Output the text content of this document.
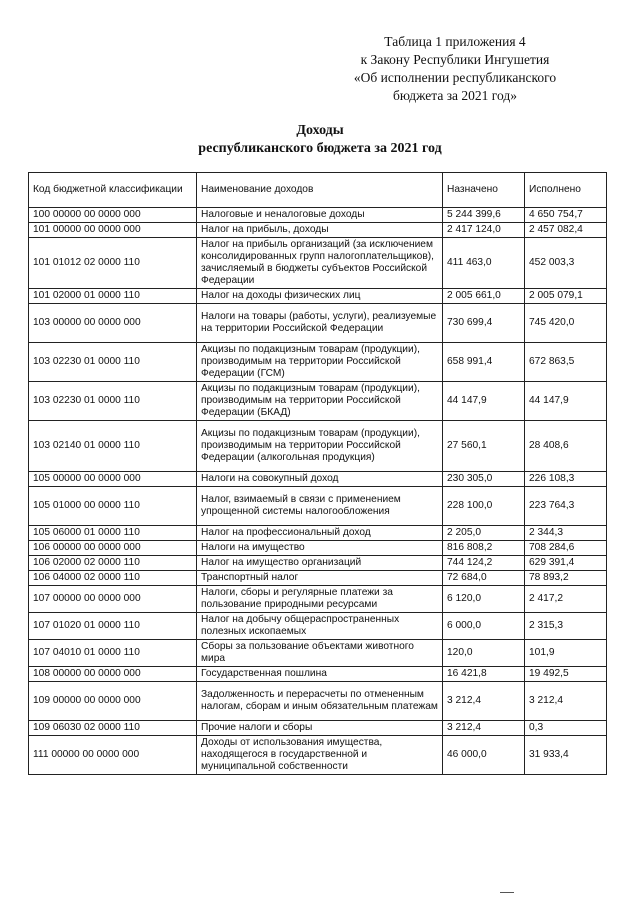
Таблица 1 приложения 4
к Закону Республики Ингушетия
«Об исполнении республиканского
бюджета за 2021 год»
Доходы
республиканского бюджета за 2021 год
Код бюджетной классификации	Наименование доходов	Назначено	Исполнено
100 00000 00 0000 000	Налоговые и неналоговые доходы	5 244 399,6	4 650 754,7
101 00000 00 0000 000	Налог на прибыль, доходы	2 417 124,0	2 457 082,4
101 01012 02 0000 110	Налог на прибыль организаций (за исключением консолидированных групп налогоплательщиков), зачисляемый в бюджеты субъектов Российской Федерации	411 463,0	452 003,3
101 02000 01 0000 110	Налог на доходы физических лиц	2 005 661,0	2 005 079,1
103 00000 00 0000 000	Налоги на товары (работы, услуги), реализуемые на территории Российской Федерации	730 699,4	745 420,0
103 02230 01 0000 110	Акцизы по подакцизным товарам (продукции), производимым на территории Российской Федерации (ГСМ)	658 991,4	672 863,5
103 02230 01 0000 110	Акцизы по подакцизным товарам (продукции), производимым на территории Российской Федерации (БКАД)	44 147,9	44 147,9
103 02140 01 0000 110	Акцизы по подакцизным товарам (продукции), производимым на территории Российской Федерации (алкогольная продукция)	27 560,1	28 408,6
105 00000 00 0000 000	Налоги на совокупный доход	230 305,0	226 108,3
105 01000 00 0000 110	Налог, взимаемый в связи с применением упрощенной системы налогообложения	228 100,0	223 764,3
105 06000 01 0000 110	Налог на профессиональный доход	2 205,0	2 344,3
106 00000 00 0000 000	Налоги на имущество	816 808,2	708 284,6
106 02000 02 0000 110	Налог на имущество организаций	744 124,2	629 391,4
106 04000 02 0000 110	Транспортный налог	72 684,0	78 893,2
107 00000 00 0000 000	Налоги, сборы и регулярные платежи за пользование природными ресурсами	6 120,0	2 417,2
107 01020 01 0000 110	Налог на добычу общераспространенных полезных ископаемых	6 000,0	2 315,3
107 04010 01 0000 110	Сборы за пользование объектами животного мира	120,0	101,9
108 00000 00 0000 000	Государственная пошлина	16 421,8	19 492,5
109 00000 00 0000 000	Задолженность и перерасчеты по отмененным налогам, сборам и иным обязательным платежам	3 212,4	3 212,4
109 06030 02 0000 110	Прочие налоги и сборы	3 212,4	0,3
111 00000 00 0000 000	Доходы от использования имущества, находящегося в государственной и муниципальной собственности	46 000,0	31 933,4
